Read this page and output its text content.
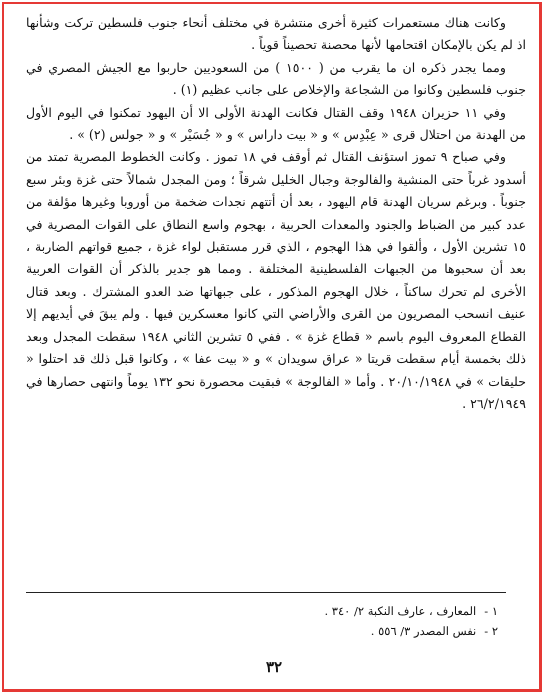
وكانت هناك مستعمرات كثيرة أخرى منتشرة في مختلف أنحاء جنوب فلسطين تركت وشأنها اذ لم يكن بالإمكان اقتحامها لأنها محصنة تحصيناً قوياً .

ومما يجدر ذكره ان ما يقرب من ( ١٥٠٠ ) من السعوديين حاربوا مع الجيش المصري في جنوب فلسطين وكانوا من الشجاعة والإخلاص على جانب عظيم (١) .

وفي ١١ حزيران ١٩٤٨ وقف القتال فكانت الهدنة الأولى الا أن اليهود تمكنوا في اليوم الأول من الهدنة من احتلال قرى « عِبْدِس » و « بيت داراس » و « جُسَيْر » و « جولس (٢) » .

وفي صباح ٩ تموز استؤنف القتال ثم أوقف في ١٨ تموز . وكانت الخطوط المصرية تمتد من أسدود غرباً حتى المنشية والفالوجة وجبال الخليل شرقاً ؛ ومن المجدل شمالاً حتى غزة وبئر سبع جنوباً . وبرغم سريان الهدنة قام اليهود ، بعد أن أتتهم نجدات ضخمة من أوروبا وغيرها مؤلفة من عدد كبير من الضباط والجنود والمعدات الحربية ، بهجوم واسع النطاق على القوات المصرية في ١٥ تشرين الأول ، وألقوا في هذا الهجوم ، الذي قرر مستقبل لواء غزة ، جميع قواتهم الضاربة ، بعد أن سحبوها من الجبهات الفلسطينية المختلفة . ومما هو جدير بالذكر أن القوات العربية الأخرى لم تحرك ساكناً ، خلال الهجوم المذكور ، على جبهاتها ضد العدو المشترك . وبعد قتال عنيف انسحب المصريون من القرى والأراضي التي كانوا معسكرين فيها . ولم يبقَ في أيديهم إلا القطاع المعروف اليوم باسم « قطاع غزة » . ففي ٥ تشرين الثاني ١٩٤٨ سقطت المجدل وبعد ذلك بخمسة أيام سقطت قريتا « عراق سويدان » و « بيت عفا » ، وكانوا قبل ذلك قد احتلوا « حليقات » في ٢٠/١٠/١٩٤٨ . وأما « الفالوجة » فبقيت محصورة نحو ١٣٢ يوماً وانتهى حصارها في ٢٦/٢/١٩٤٩ .

١ -المعارف ، عارف النكبة ٢/ ٣٤٠ .
٢ -نفس المصدر ٣/ ٥٥٦ .
٣٢
